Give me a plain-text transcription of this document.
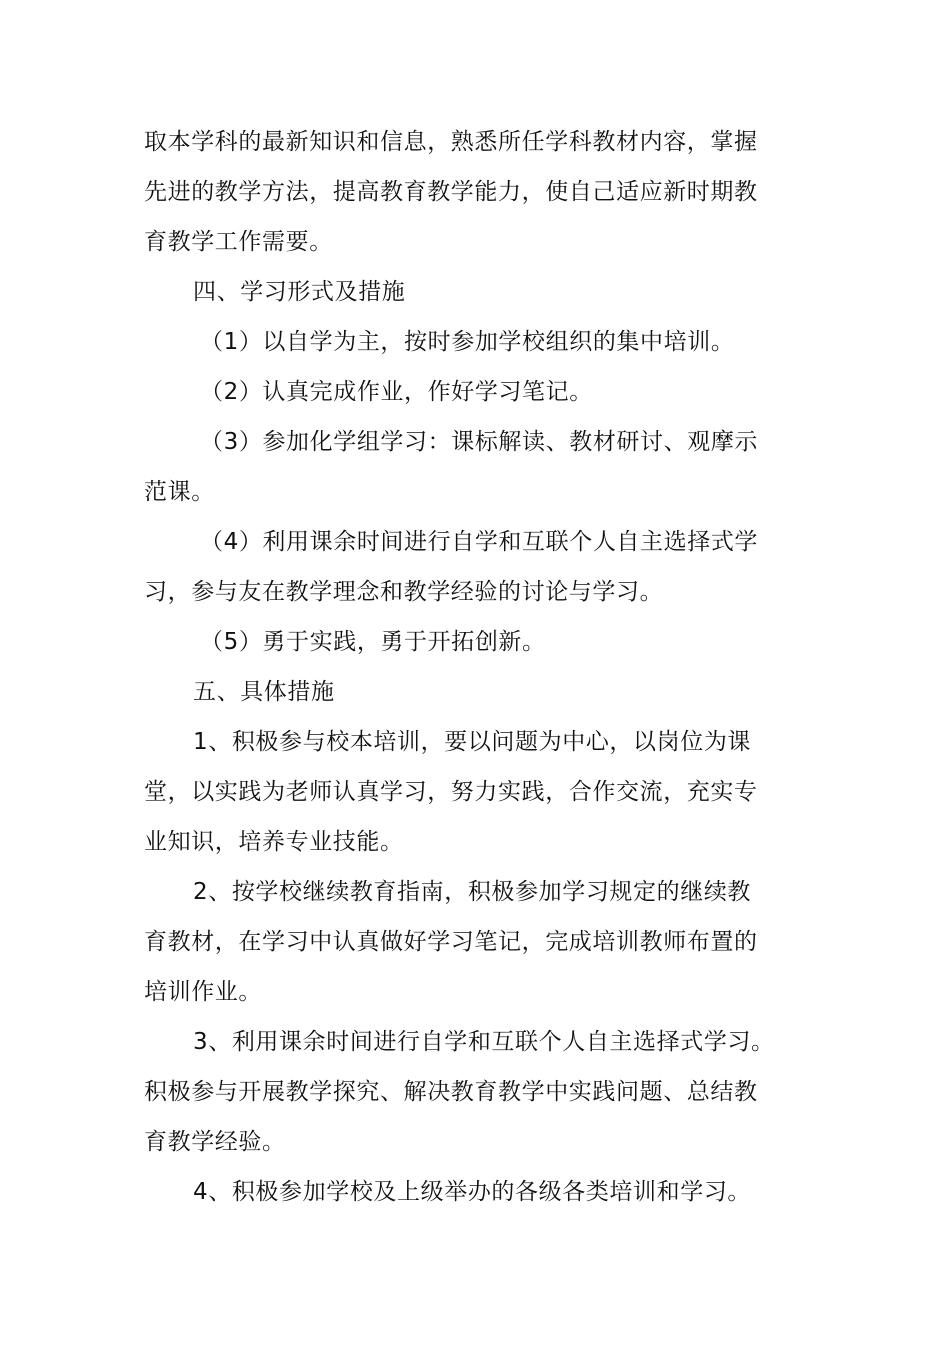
取本学科的最新知识和信息，熟悉所任学科教材内容，掌握
先进的教学方法，提高教育教学能力，使自己适应新时期教
育教学工作需要。
四、学习形式及措施
（1）以自学为主，按时参加学校组织的集中培训。
（2）认真完成作业，作好学习笔记。
（3）参加化学组学习：课标解读、教材研讨、观摩示
范课。
（4）利用课余时间进行自学和互联个人自主选择式学
习，参与友在教学理念和教学经验的讨论与学习。
（5）勇于实践，勇于开拓创新。
五、具体措施
1、积极参与校本培训，要以问题为中心，以岗位为课
堂，以实践为老师认真学习，努力实践，合作交流，充实专
业知识，培养专业技能。
2、按学校继续教育指南，积极参加学习规定的继续教
育教材，在学习中认真做好学习笔记，完成培训教师布置的
培训作业。
3、利用课余时间进行自学和互联个人自主选择式学习。
积极参与开展教学探究、解决教育教学中实践问题、总结教
育教学经验。
4、积极参加学校及上级举办的各级各类培训和学习。
